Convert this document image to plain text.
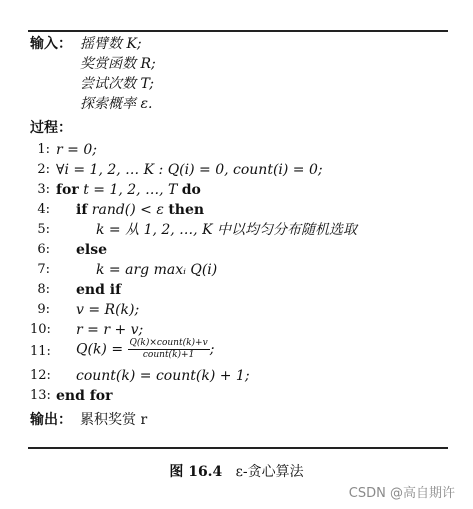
输入： 摇臂数 K;
奖赏函数 R;
尝试次数 T;
探索概率 ε.
过程：
1: r = 0;
2: ∀i = 1, 2, … K : Q(i) = 0, count(i) = 0;
3: for t = 1, 2, …, T do
4: if rand() < ε then
5:	k = 从 1, 2, …, K 中以均匀分布随机选取
6: else
7:	k = arg maxᵢ Q(i)
8: end if
9: v = R(k);
10: r = r + v;
11: $Q(k) = \frac{\text{Q(k)×count(k)+v}}{\text{count(k)+1}}$ ;
12: count(k) = count(k) + 1;
13: end for
输出： 累积奖赏 r
图 16.4 ε-贪心算法
CSDN @高自期许
